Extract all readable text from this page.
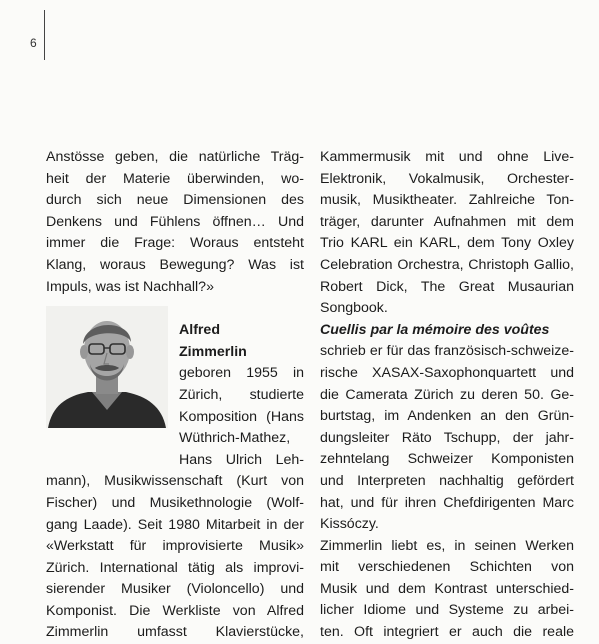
6
Anstösse geben, die natürliche Träg-
heit der Materie überwinden, wo-
durch sich neue Dimensionen des
Denkens und Fühlens öffnen… Und
immer die Frage: Woraus entsteht
Klang, woraus Bewegung? Was ist
Impuls, was ist Nachhall?»
Alfred
Zimmerlin
geboren 1955 in
Zürich, studierte
Komposition (Hans
Wüthrich-Mathez,
Hans Ulrich Leh-
mann), Musikwissenschaft (Kurt von
Fischer) und Musikethnologie (Wolf-
gang Laade). Seit 1980 Mitarbeit in der
«Werkstatt für improvisierte Musik»
Zürich. International tätig als improvi-
sierender Musiker (Violoncello) und
Komponist. Die Werkliste von Alfred
Zimmerlin umfasst Klavierstücke,
Kammermusik mit und ohne Live-
Elektronik, Vokalmusik, Orchester-
musik, Musiktheater. Zahlreiche Ton-
träger, darunter Aufnahmen mit dem
Trio KARL ein KARL, dem Tony Oxley
Celebration Orchestra, Christoph Gallio,
Robert Dick, The Great Musaurian
Songbook.
Cuellis par la mémoire des voûtes
schrieb er für das französisch-schweize-
rische XASAX-Saxophonquartett und
die Camerata Zürich zu deren 50. Ge-
burtstag, im Andenken an den Grün-
dungsleiter Räto Tschupp, der jahr-
zehntelang Schweizer Komponisten
und Interpreten nachhaltig gefördert
hat, und für ihren Chefdirigenten Marc
Kissóczy.
Zimmerlin liebt es, in seinen Werken
mit verschiedenen Schichten von
Musik und dem Kontrast unterschied-
licher Idiome und Systeme zu arbei-
ten. Oft integriert er auch die reale
